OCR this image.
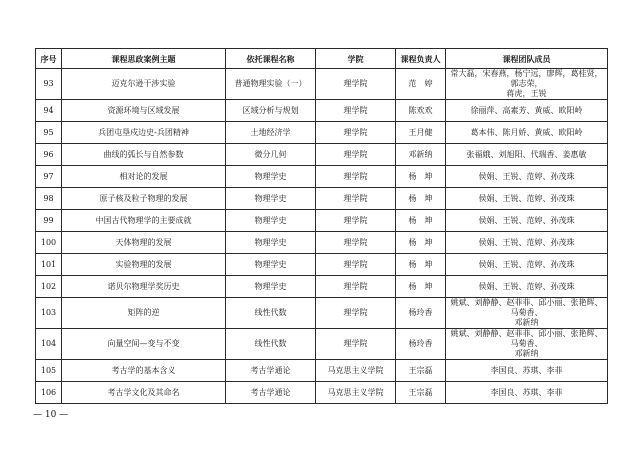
序号	课程思政案例主题	依托课程名称	学院	课程负责人	课程团队成员
93	迈克尔逊干涉实验	普通物理实验（一）	理学院	范　婷	常大磊，宋春燕，杨宁远，廖辉，葛桂贤，郭志荣，
蒋虎，王锐

94	资源环境与区域发展	区域分析与规划	理学院	陈欢欢	徐丽萍、高素芳、黄威、欧阳岭

95	兵团屯垦戍边史-兵团精神	土地经济学	理学院	王月健	葛本伟、陈月娇、黄威、欧阳岭

96	曲线的弧长与自然参数	微分几何	理学院	邓新纳	张福娥、刘旭阳、代瑞香、姜惠敏

97	相对论的发展	物理学史	理学院	杨　坤	侯娟、王锐、范婷、孙茂珠

98	原子核及粒子物理的发展	物理学史	理学院	杨　坤	侯娟、王锐、范婷、孙茂珠

99	中国古代物理学的主要成就	物理学史	理学院	杨　坤	侯娟、王锐、范婷、孙茂珠

100	天体物理的发展	物理学史	理学院	杨　坤	侯娟、王锐、范婷、孙茂珠

101	实验物理的发展	物理学史	理学院	杨　坤	侯娟、王锐、范婷、孙茂珠

102	诺贝尔物理学奖历史	物理学史	理学院	杨　坤	侯娟、王锐、范婷、孙茂珠

103	矩阵的逆	线性代数	理学院	杨玲香	姚斌、刘静静、赵菲菲、邱小丽、张艳辉、马菊香、
邓新纳

104	向量空间—变与不变	线性代数	理学院	杨玲香	姚斌、刘静静、赵菲菲、邱小丽、张艳辉、马菊香、
邓新纳

105	考古学的基本含义	考古学通论	马克思主义学院	王宗磊	李国良、苏琪、李菲

106	考古学文化及其命名	考古学通论	马克思主义学院	王宗磊	李国良、苏琪、李菲
— 10 —
